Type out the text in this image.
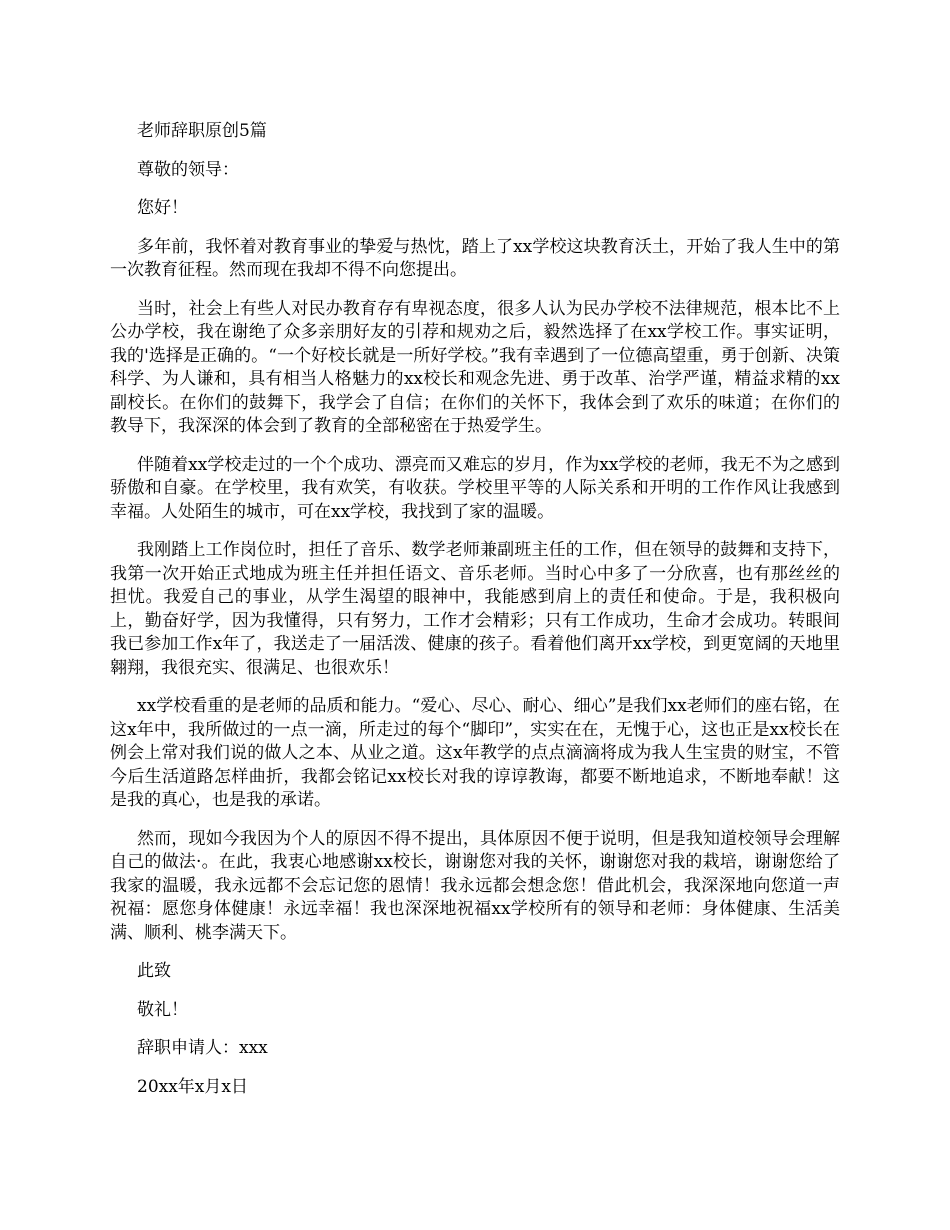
老师辞职原创5篇

尊敬的领导：

您好！

多年前，我怀着对教育事业的挚爱与热忱，踏上了xx学校这块教育沃土，开始了我人生中的第一次教育征程。然而现在我却不得不向您提出。

当时，社会上有些人对民办教育存有卑视态度，很多人认为民办学校不法律规范，根本比不上公办学校，我在谢绝了众多亲朋好友的引荐和规劝之后，毅然选择了在xx学校工作。事实证明，我的'选择是正确的。“一个好校长就是一所好学校。”我有幸遇到了一位德高望重，勇于创新、决策科学、为人谦和，具有相当人格魅力的xx校长和观念先进、勇于改革、治学严谨，精益求精的xx副校长。在你们的鼓舞下，我学会了自信；在你们的关怀下，我体会到了欢乐的味道；在你们的教导下，我深深的体会到了教育的全部秘密在于热爱学生。

伴随着xx学校走过的一个个成功、漂亮而又难忘的岁月，作为xx学校的老师，我无不为之感到骄傲和自豪。在学校里，我有欢笑，有收获。学校里平等的人际关系和开明的工作作风让我感到幸福。人处陌生的城市，可在xx学校，我找到了家的温暖。

我刚踏上工作岗位时，担任了音乐、数学老师兼副班主任的工作，但在领导的鼓舞和支持下，我第一次开始正式地成为班主任并担任语文、音乐老师。当时心中多了一分欣喜，也有那丝丝的担忧。我爱自己的事业，从学生渴望的眼神中，我能感到肩上的责任和使命。于是，我积极向上，勤奋好学，因为我懂得，只有努力，工作才会精彩；只有工作成功，生命才会成功。转眼间我已参加工作x年了，我送走了一届活泼、健康的孩子。看着他们离开xx学校，到更宽阔的天地里翱翔，我很充实、很满足、也很欢乐！

xx学校看重的是老师的品质和能力。“爱心、尽心、耐心、细心”是我们xx老师们的座右铭，在这x年中，我所做过的一点一滴，所走过的每个“脚印”，实实在在，无愧于心，这也正是xx校长在例会上常对我们说的做人之本、从业之道。这x年教学的点点滴滴将成为我人生宝贵的财宝，不管今后生活道路怎样曲折，我都会铭记xx校长对我的谆谆教诲，都要不断地追求，不断地奉献！这是我的真心，也是我的承诺。

然而，现如今我因为个人的原因不得不提出，具体原因不便于说明，但是我知道校领导会理解自己的做法·。在此，我衷心地感谢xx校长，谢谢您对我的关怀，谢谢您对我的栽培，谢谢您给了我家的温暖，我永远都不会忘记您的恩情！我永远都会想念您！借此机会，我深深地向您道一声祝福：愿您身体健康！永远幸福！我也深深地祝福xx学校所有的领导和老师：身体健康、生活美满、顺利、桃李满天下。

此致

敬礼！

辞职申请人：xxx

20xx年x月x日
